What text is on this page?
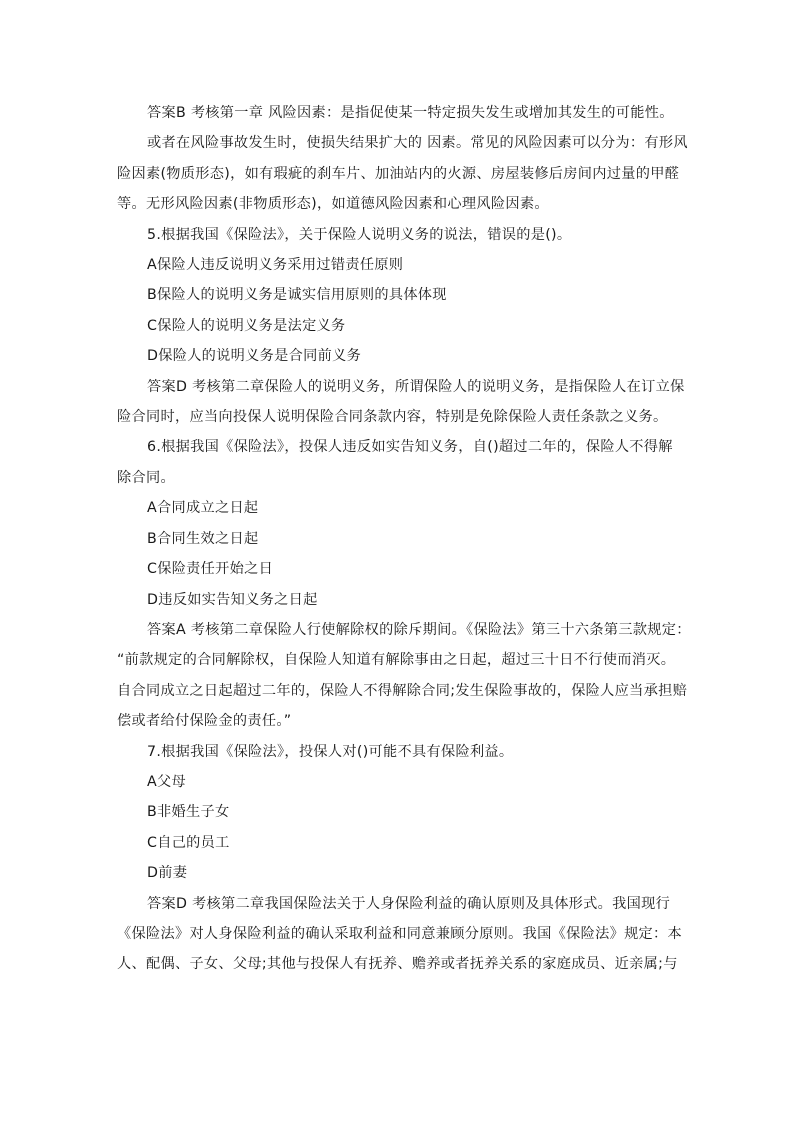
答案B 考核第一章 风险因素：是指促使某一特定损失发生或增加其发生的可能性。
或者在风险事故发生时，使损失结果扩大的 因素。常见的风险因素可以分为：有形风
险因素(物质形态)，如有瑕疵的刹车片、加油站内的火源、房屋装修后房间内过量的甲醛
等。无形风险因素(非物质形态)，如道德风险因素和心理风险因素。
5.根据我国《保险法》，关于保险人说明义务的说法，错误的是()。
A保险人违反说明义务采用过错责任原则
B保险人的说明义务是诚实信用原则的具体体现
C保险人的说明义务是法定义务
D保险人的说明义务是合同前义务
答案D 考核第二章保险人的说明义务，所谓保险人的说明义务，是指保险人在订立保
险合同时，应当向投保人说明保险合同条款内容，特别是免除保险人责任条款之义务。
6.根据我国《保险法》，投保人违反如实告知义务，自()超过二年的，保险人不得解
除合同。
A合同成立之日起
B合同生效之日起
C保险责任开始之日
D违反如实告知义务之日起
答案A 考核第二章保险人行使解除权的除斥期间。《保险法》第三十六条第三款规定：
“前款规定的合同解除权，自保险人知道有解除事由之日起，超过三十日不行使而消灭。
自合同成立之日起超过二年的，保险人不得解除合同;发生保险事故的，保险人应当承担赔
偿或者给付保险金的责任。”
7.根据我国《保险法》，投保人对()可能不具有保险利益。
A父母
B非婚生子女
C自己的员工
D前妻
答案D 考核第二章我国保险法关于人身保险利益的确认原则及具体形式。我国现行
《保险法》对人身保险利益的确认采取利益和同意兼顾分原则。我国《保险法》规定：本
人、配偶、子女、父母;其他与投保人有抚养、赡养或者抚养关系的家庭成员、近亲属;与
